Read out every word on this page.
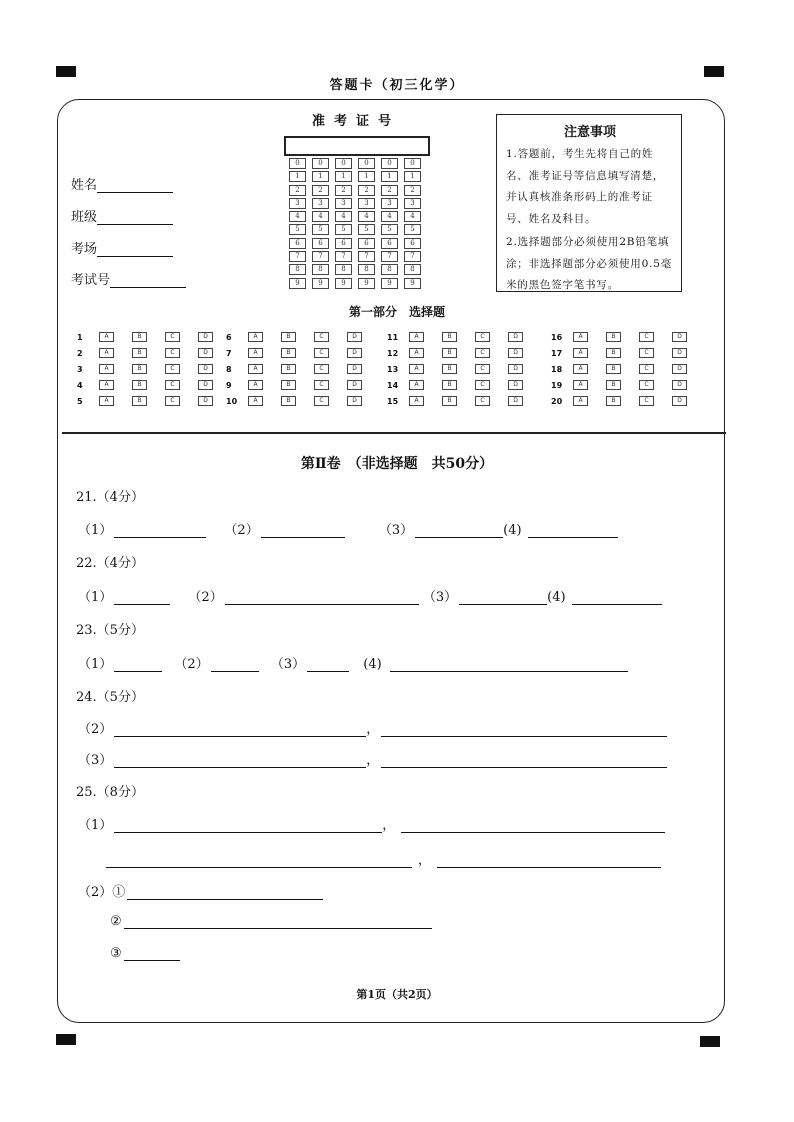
答题卡（初三化学）
准考证号
0	0	0	0	0	0
1	1	1	1	1	1
2	2	2	2	2	2
3	3	3	3	3	3
4	4	4	4	4	4
5	5	5	5	5	5
6	6	6	6	6	6
7	7	7	7	7	7
8	8	8	8	8	8
9	9	9	9	9	9
姓名
班级
考场
考试号
注意事项

1.答题前，考生先将自己的姓名、准考证号等信息填写清楚，并认真核准条形码上的准考证号、姓名及科目。

2.选择题部分必须使用2B铅笔填涂；非选择题部分必须使用0.5毫米的黑色签字笔书写。

第一部分　选择题
1	A	B	C	D
2	A	B	C	D
3	A	B	C	D
4	A	B	C	D
5	A	B	C	D
6	A	B	C	D
7	A	B	C	D
8	A	B	C	D
9	A	B	C	D
10	A	B	C	D
11	A	B	C	D
12	A	B	C	D
13	A	B	C	D
14	A	B	C	D
15	A	B	C	D
16	A	B	C	D
17	A	B	C	D
18	A	B	C	D
19	A	B	C	D
20	A	B	C	D
第Ⅱ卷　（非选择题　共50分）
21.（4分）
（1）	（2）	（3）	(4)
22.（4分）
（1）	（2）	（3）	(4)
23.（5分）
（1）	（2）	（3）	(4)
24.（5分）
（2）	，
（3）	，
25.（8分）
（1）	，
，
（2）①
②
③
第1页（共2页）
